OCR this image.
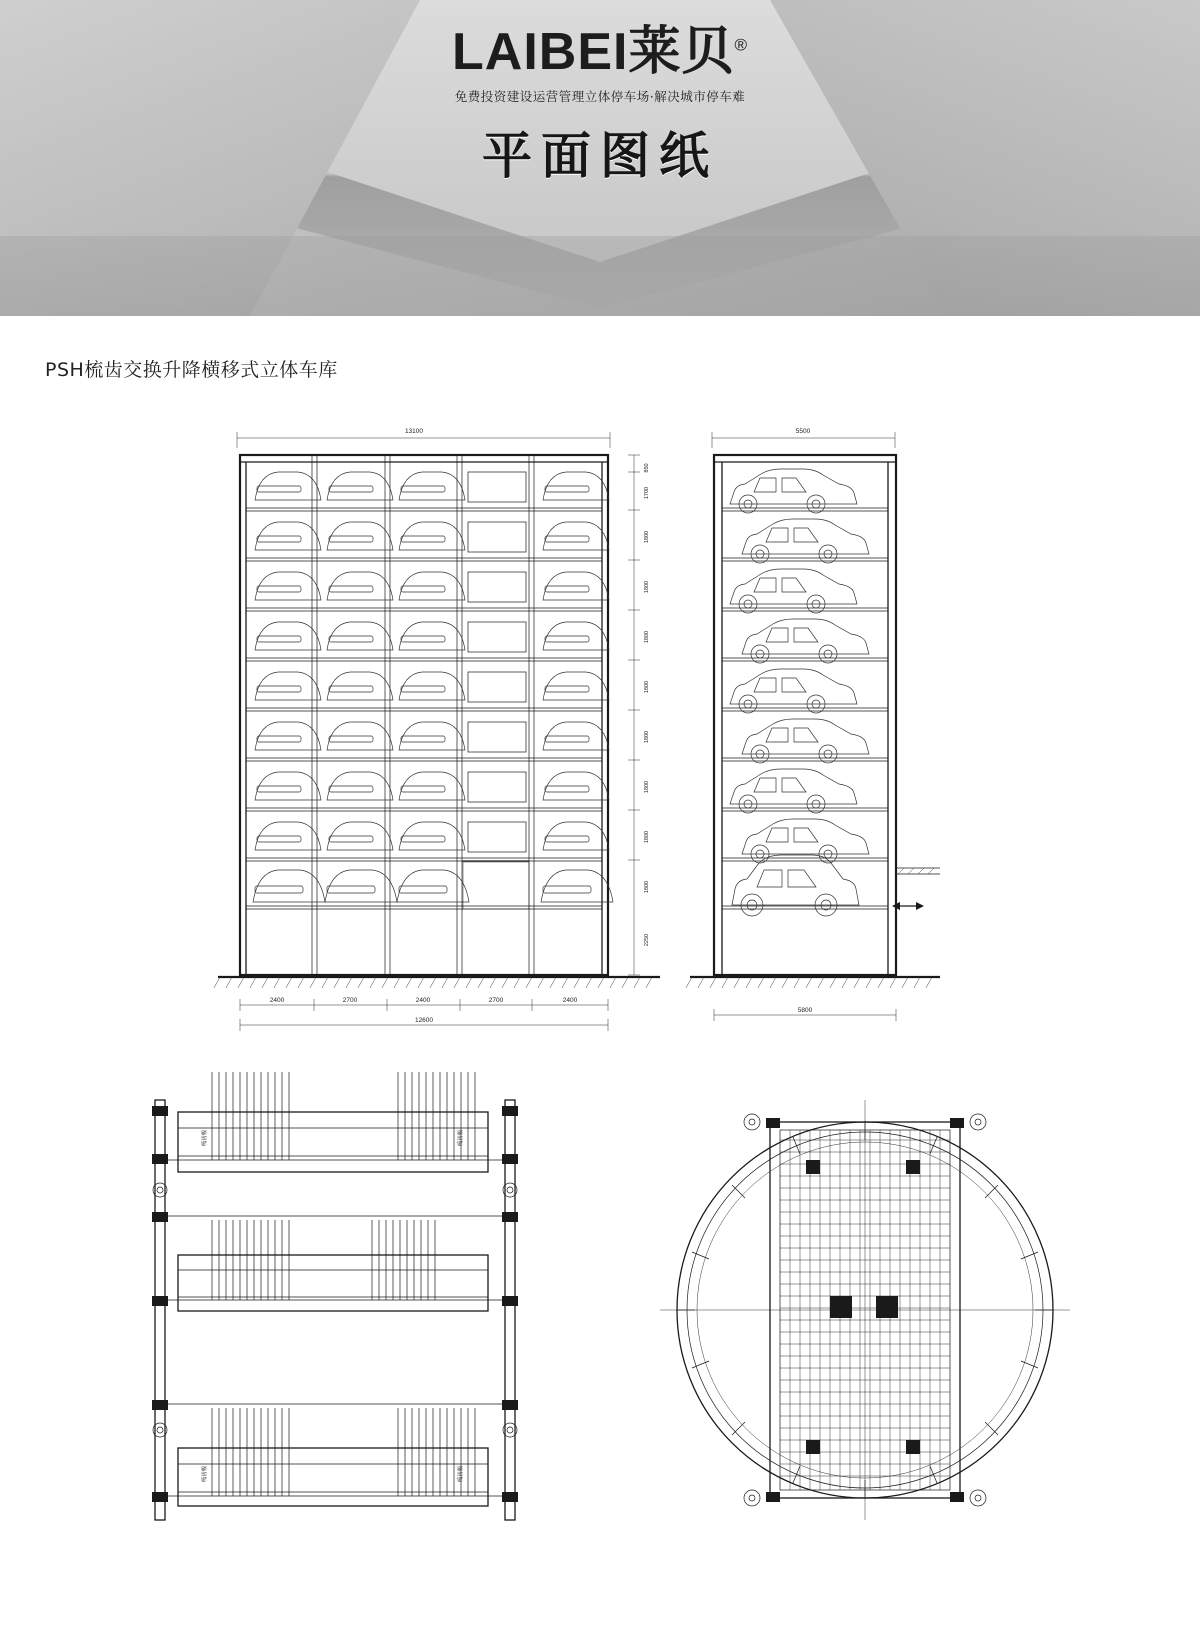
LAIBEI莱贝®
免费投资建设运营管理立体停车场·解决城市停车难
平面图纸
PSH梳齿交换升降横移式立体车库
13100
850
1700
1800
1800
1800
1800
1800
1800
1800
1800
2250
2400	2700	2400	2700	2400
12600
5500
5800
梳齿板	梳齿板
梳齿板	梳齿板
